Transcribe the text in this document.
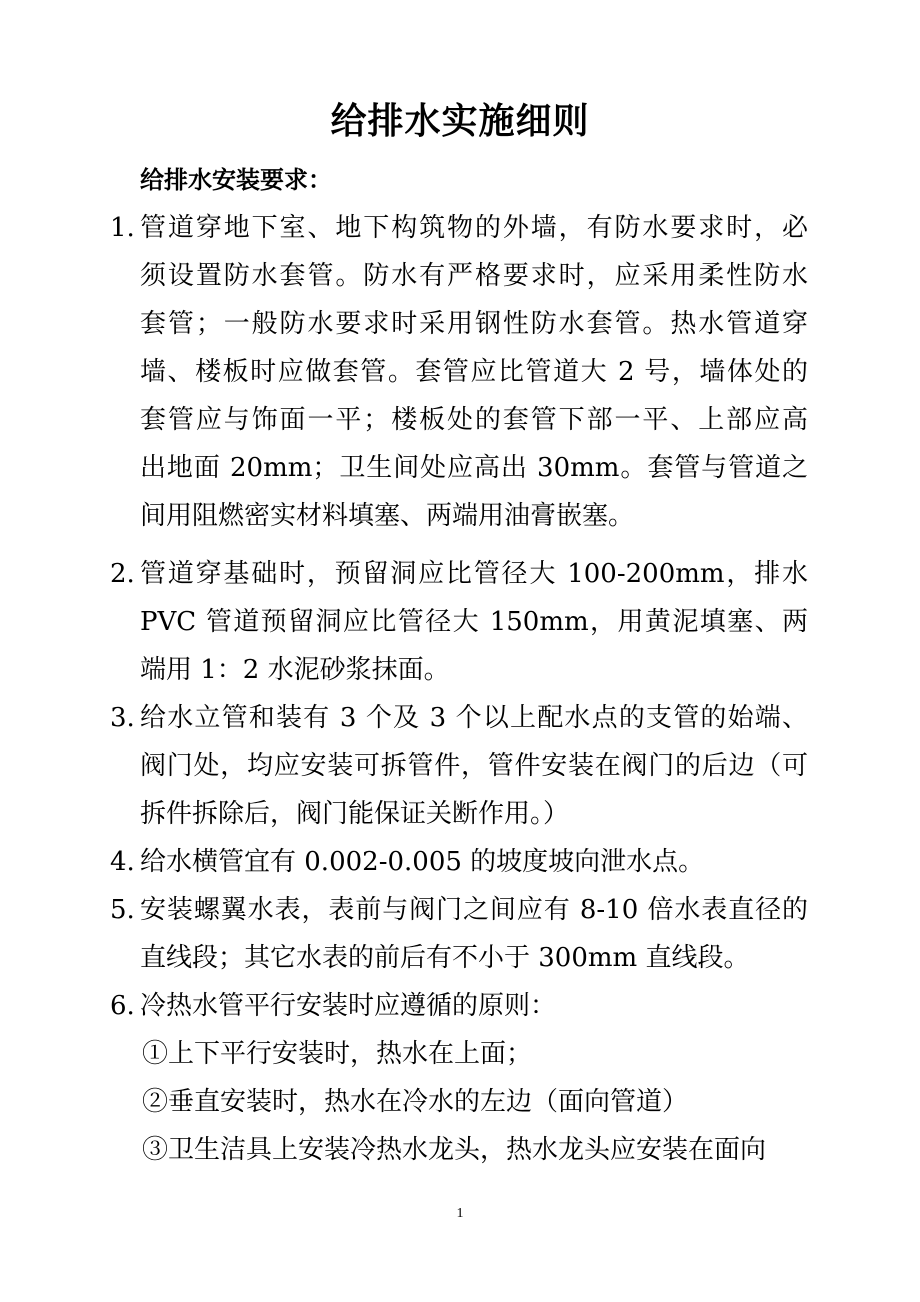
给排水实施细则
给排水安装要求：
1. 管道穿地下室、地下构筑物的外墙，有防水要求时，必
须设置防水套管。防水有严格要求时，应采用柔性防水
套管；一般防水要求时采用钢性防水套管。热水管道穿
墙、楼板时应做套管。套管应比管道大 2 号，墙体处的
套管应与饰面一平；楼板处的套管下部一平、上部应高
出地面 20mm；卫生间处应高出 30mm。套管与管道之
间用阻燃密实材料填塞、两端用油膏嵌塞。
2. 管道穿基础时，预留洞应比管径大 100-200mm，排水
PVC 管道预留洞应比管径大 150mm，用黄泥填塞、两
端用 1：2 水泥砂浆抹面。
3. 给水立管和装有 3 个及 3 个以上配水点的支管的始端、
阀门处，均应安装可拆管件，管件安装在阀门的后边（可
拆件拆除后，阀门能保证关断作用。）
4. 给水横管宜有 0.002-0.005 的坡度坡向泄水点。
5. 安装螺翼水表，表前与阀门之间应有 8-10 倍水表直径的
直线段；其它水表的前后有不小于 300mm 直线段。
6. 冷热水管平行安装时应遵循的原则：
①上下平行安装时，热水在上面；
②垂直安装时，热水在冷水的左边（面向管道）
③卫生洁具上安装冷热水龙头，热水龙头应安装在面向
1
